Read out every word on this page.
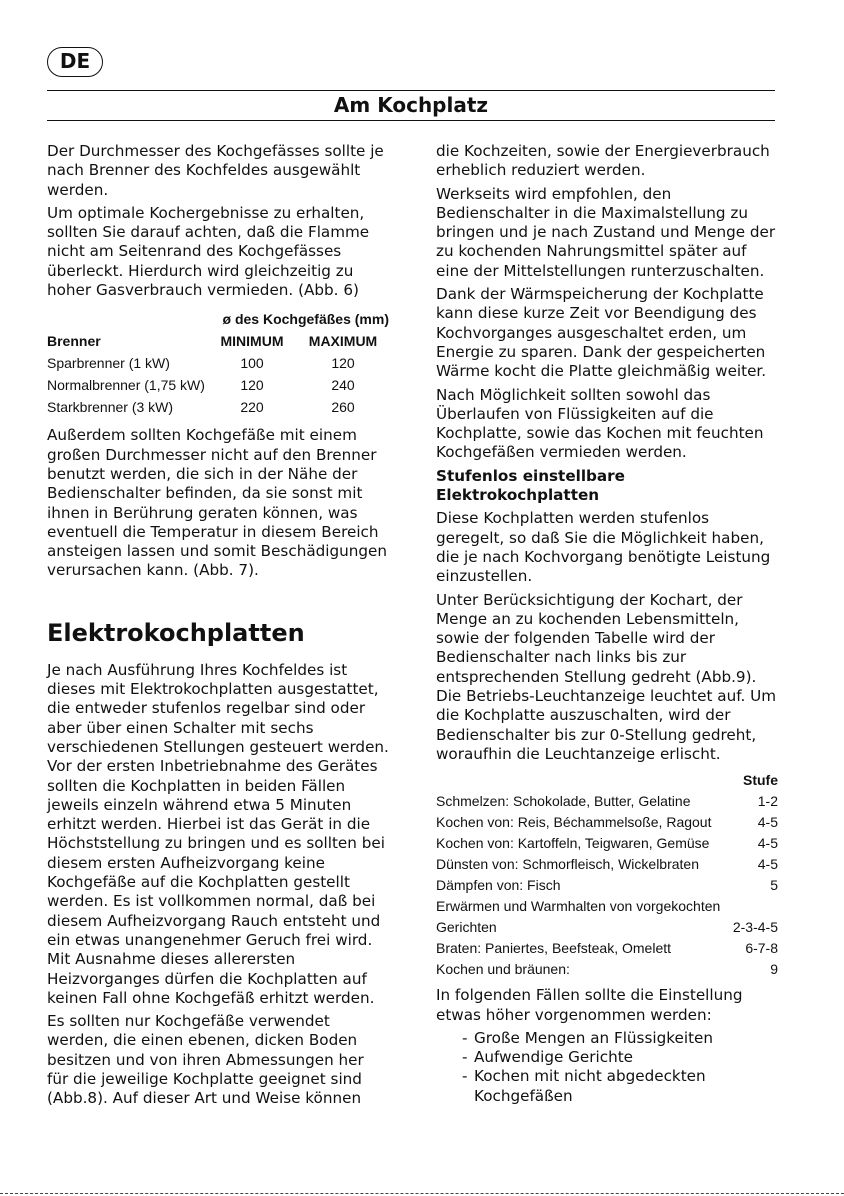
DE
Am Kochplatz

Der Durchmesser des Kochgefässes sollte je nach Brenner des Kochfeldes ausgewählt werden.

Um optimale Kochergebnisse zu erhalten, sollten Sie darauf achten, daß die Flamme nicht am Seitenrand des Kochgefässes überleckt. Hierdurch wird gleichzeitig zu hoher Gasverbrauch vermieden. (Abb. 6)

	ø des Kochgefäßes (mm)	
Brenner	MINIMUM	MAXIMUM
Sparbrenner (1 kW)	100	120
Normalbrenner (1,75 kW)	120	240
Starkbrenner (3 kW)	220	260

Außerdem sollten Kochgefäße mit einem großen Durchmesser nicht auf den Brenner benutzt werden, die sich in der Nähe der Bedienschalter befinden, da sie sonst mit ihnen in Berührung geraten können, was eventuell die Temperatur in diesem Bereich ansteigen lassen und somit Beschädigungen verursachen kann. (Abb. 7).

Elektrokochplatten

Je nach Ausführung Ihres Kochfeldes ist dieses mit Elektrokochplatten ausgestattet, die entweder stufenlos regelbar sind oder aber über einen Schalter mit sechs verschiedenen Stellungen gesteuert werden. Vor der ersten Inbetriebnahme des Gerätes sollten die Kochplatten in beiden Fällen jeweils einzeln während etwa 5 Minuten erhitzt werden. Hierbei ist das Gerät in die Höchststellung zu bringen und es sollten bei diesem ersten Aufheizvorgang keine Kochgefäße auf die Kochplatten gestellt werden. Es ist vollkommen normal, daß bei diesem Aufheizvorgang Rauch entsteht und ein etwas unangenehmer Geruch frei wird. Mit Ausnahme dieses allerersten Heizvorganges dürfen die Kochplatten auf keinen Fall ohne Kochgefäß erhitzt werden.

Es sollten nur Kochgefäße verwendet werden, die einen ebenen, dicken Boden besitzen und von ihren Abmessungen her für die jeweilige Kochplatte geeignet sind (Abb.8). Auf dieser Art und Weise können

die Kochzeiten, sowie der Energieverbrauch erheblich reduziert werden.

Werkseits wird empfohlen, den Bedienschalter in die Maximalstellung zu bringen und je nach Zustand und Menge der zu kochenden Nahrungsmittel später auf eine der Mittelstellungen runterzuschalten.

Dank der Wärmspeicherung der Kochplatte kann diese kurze Zeit vor Beendigung des Kochvorganges ausgeschaltet erden, um Energie zu sparen. Dank der gespeicherten Wärme kocht die Platte gleichmäßig weiter.

Nach Möglichkeit sollten sowohl das Überlaufen von Flüssigkeiten auf die Kochplatte, sowie das Kochen mit feuchten Kochgefäßen vermieden werden.

Stufenlos einstellbare Elektrokochplatten

Diese Kochplatten werden stufenlos geregelt, so daß Sie die Möglichkeit haben, die je nach Kochvorgang benötigte Leistung einzustellen.

Unter Berücksichtigung der Kochart, der Menge an zu kochenden Lebensmitteln, sowie der folgenden Tabelle wird der Bedienschalter nach links bis zur entsprechenden Stellung gedreht (Abb.9). Die Betriebs-Leuchtanzeige leuchtet auf. Um die Kochplatte auszuschalten, wird der Bedienschalter bis zur 0-Stellung gedreht, woraufhin die Leuchtanzeige erlischt.

Stufe
Schmelzen: Schokolade, Butter, Gelatine	1-2
Kochen von: Reis, Béchammelsoße, Ragout	4-5
Kochen von: Kartoffeln, Teigwaren, Gemüse	4-5
Dünsten von: Schmorfleisch, Wickelbraten	4-5
Dämpfen von: Fisch	5
Erwärmen und Warmhalten von vorgekochten
Gerichten	2-3-4-5
Braten: Paniertes, Beefsteak, Omelett	6-7-8
Kochen und bräunen:	9

In folgenden Fällen sollte die Einstellung etwas höher vorgenommen werden:

- Große Mengen an Flüssigkeiten
- Aufwendige Gerichte
- Kochen mit nicht abgedeckten Kochgefäßen
